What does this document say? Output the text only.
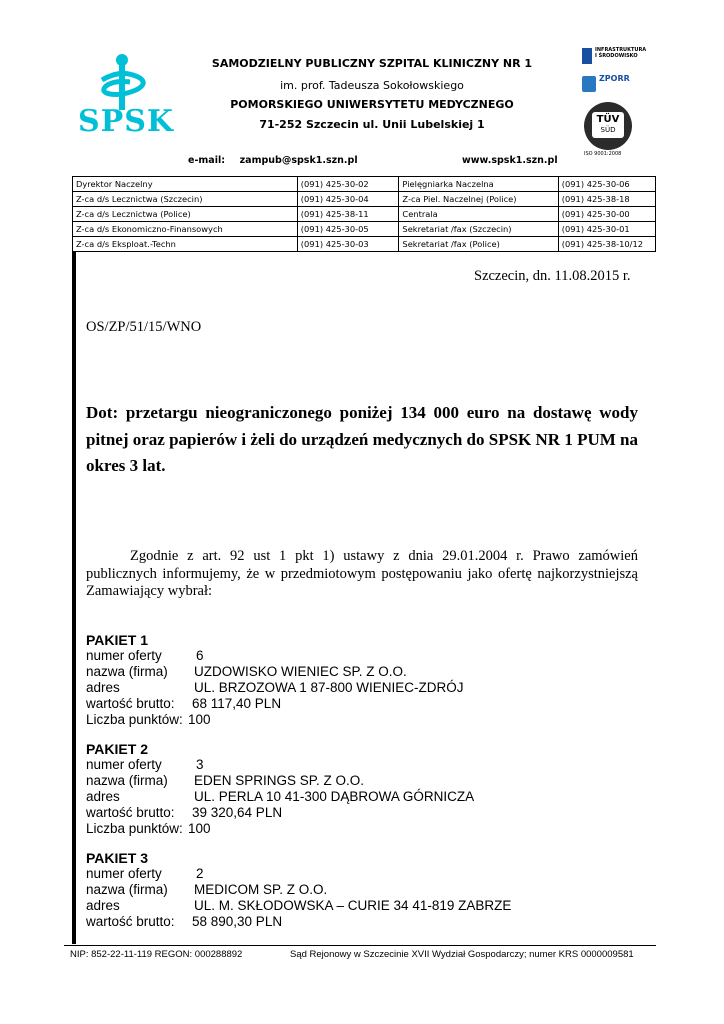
SPSK
SAMODZIELNY PUBLICZNY SZPITAL KLINICZNY NR 1
im. prof. Tadeusza Sokołowskiego
POMORSKIEGO UNIWERSYTETU MEDYCZNEGO
71-252 Szczecin ul. Unii Lubelskiej 1
INFRASTRUKTURA I ŚRODOWISKO
ZPORR
TÜV
SÜD
ISO 9001:2008
e-mail: zampub@spsk1.szn.pl	www.spsk1.szn.pl
Dyrektor Naczelny	(091) 425-30-02	Pielęgniarka Naczelna	(091) 425-30-06
Z-ca d/s Lecznictwa (Szczecin)	(091) 425-30-04	Z-ca Piel. Naczelnej (Police)	(091) 425-38-18
Z-ca d/s Lecznictwa (Police)	(091) 425-38-11	Centrala	(091) 425-30-00
Z-ca d/s Ekonomiczno-Finansowych	(091) 425-30-05	Sekretariat /fax (Szczecin)	(091) 425-30-01
Z-ca d/s Eksploat.-Techn	(091) 425-30-03	Sekretariat /fax (Police)	(091) 425-38-10/12
Szczecin, dn. 11.08.2015 r.
OS/ZP/51/15/WNO
Dot: przetargu nieograniczonego poniżej 134 000 euro na dostawę wody pitnej oraz papierów i żeli do urządzeń medycznych do SPSK NR 1 PUM na okres 3 lat.
Zgodnie z art. 92 ust 1 pkt 1) ustawy z dnia 29.01.2004 r. Prawo zamówień publicznych informujemy, że w przedmiotowym postępowaniu jako ofertę najkorzystniejszą Zamawiający wybrał:
PAKIET 1
numer oferty	6
nazwa (firma)	UZDOWISKO WIENIEC SP. Z O.O.
adres	UL. BRZOZOWA 1 87-800 WIENIEC-ZDRÓJ
wartość brutto:	68 117,40 PLN
Liczba punktów: 100
PAKIET 2
numer oferty	3
nazwa (firma)	EDEN SPRINGS SP. Z O.O.
adres	UL. PERLA 10 41-300 DĄBROWA GÓRNICZA
wartość brutto:	39 320,64 PLN
Liczba punktów: 100
PAKIET 3
numer oferty	2
nazwa (firma)	MEDICOM SP. Z O.O.
adres	UL. M. SKŁODOWSKA – CURIE 34 41-819 ZABRZE
wartość brutto:	58 890,30 PLN
NIP: 852-22-11-119 REGON: 000288892	Sąd Rejonowy w Szczecinie XVII Wydział Gospodarczy; numer KRS 0000009581
